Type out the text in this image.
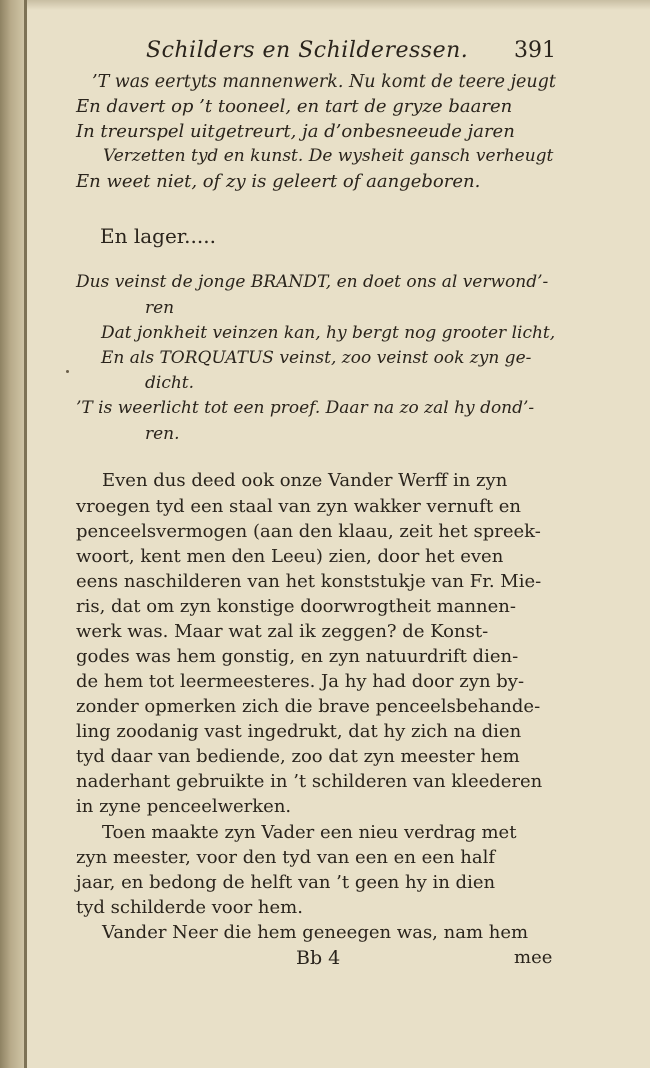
Schilders en Schilderessen. 391
’T was eertyts mannenwerk. Nu komt de teere jeugt
En davert op ’t tooneel, en tart de gryze baaren
In treurspel uitgetreurt, ja d’onbesneeude jaren
Verzetten tyd en kunst. De wysheit gansch verheugt
En weet niet, of zy is geleert of aangeboren.
En lager.....
Dus veinst de jonge BRANDT, en doet ons al verwond’-
ren
Dat jonkheit veinzen kan, hy bergt nog grooter licht,
En als TORQUATUS veinst, zoo veinst ook zyn ge-
dicht.
’T is weerlicht tot een proef. Daar na zo zal hy dond’-
ren.
Even dus deed ook onze Vander Werff in zyn
vroegen tyd een staal van zyn wakker vernuft en
penceelsvermogen (aan den klaau, zeit het spreek-
woort, kent men den Leeu) zien, door het even
eens naschilderen van het konststukje van Fr. Mie-
ris, dat om zyn konstige doorwrogtheit mannen-
werk was. Maar wat zal ik zeggen? de Konst-
godes was hem gonstig, en zyn natuurdrift dien-
de hem tot leermeesteres. Ja hy had door zyn by-
zonder opmerken zich die brave penceelsbehande-
ling zoodanig vast ingedrukt, dat hy zich na dien
tyd daar van bediende, zoo dat zyn meester hem
naderhant gebruikte in ’t schilderen van kleederen
in zyne penceelwerken.
Toen maakte zyn Vader een nieu verdrag met
zyn meester, voor den tyd van een en een half
jaar, en bedong de helft van ’t geen hy in dien
tyd schilderde voor hem.
Vander Neer die hem geneegen was, nam hem
Bb 4	mee
